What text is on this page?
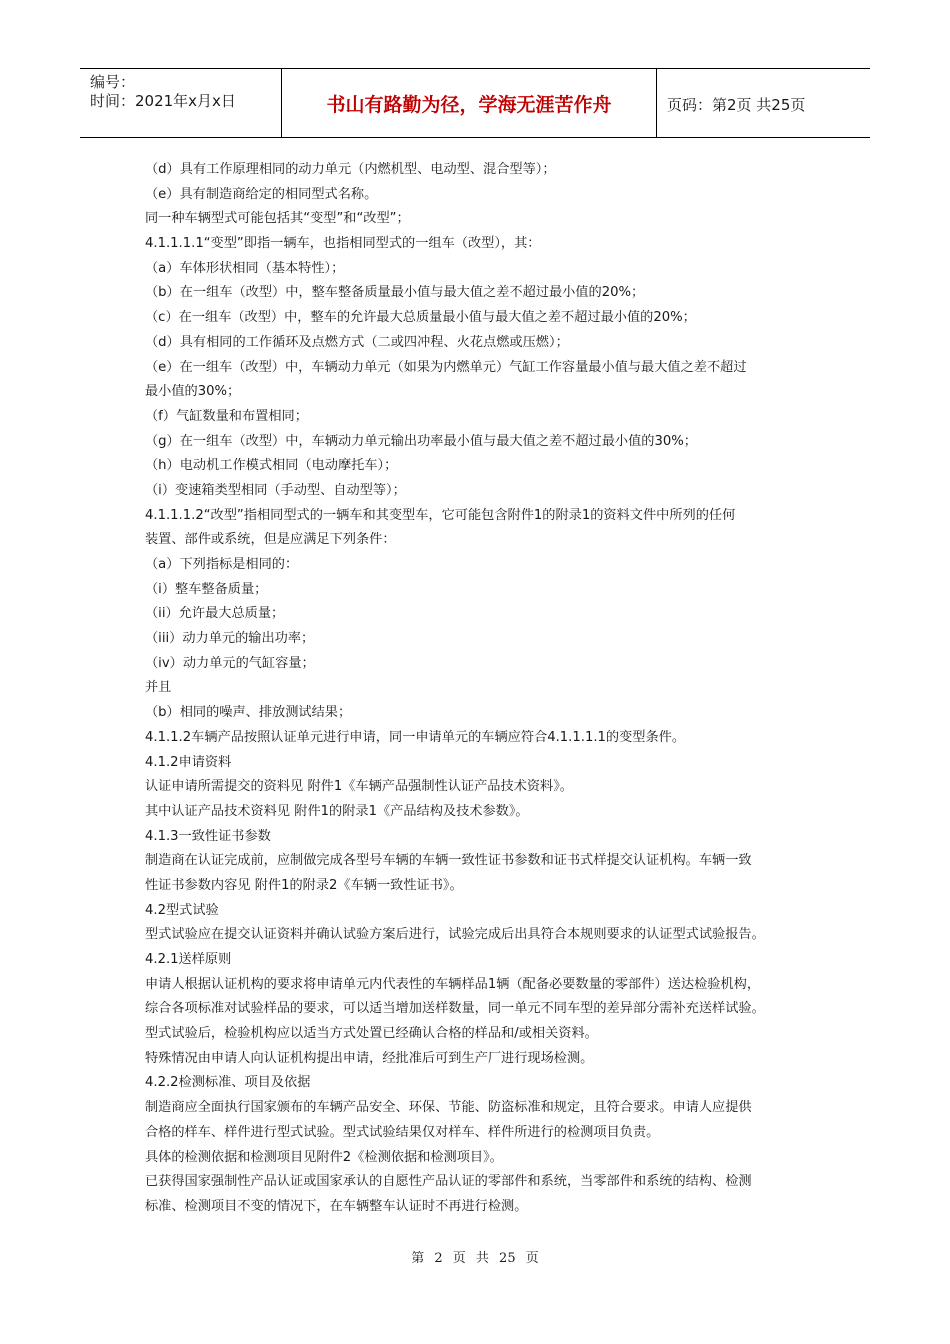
编号：
时间：2021年x月x日	书山有路勤为径，学海无涯苦作舟	页码：第2页 共25页
（d）具有工作原理相同的动力单元（内燃机型、电动型、混合型等）；
（e）具有制造商给定的相同型式名称。
同一种车辆型式可能包括其“变型”和“改型”；
4.1.1.1.1“变型”即指一辆车，也指相同型式的一组车（改型），其：
（a）车体形状相同（基本特性）；
（b）在一组车（改型）中，整车整备质量最小值与最大值之差不超过最小值的20%；
（c）在一组车（改型）中，整车的允许最大总质量最小值与最大值之差不超过最小值的20%；
（d）具有相同的工作循环及点燃方式（二或四冲程、火花点燃或压燃）；
（e）在一组车（改型）中，车辆动力单元（如果为内燃单元）气缸工作容量最小值与最大值之差不超过
最小值的30%；
（f）气缸数量和布置相同；
（g）在一组车（改型）中，车辆动力单元输出功率最小值与最大值之差不超过最小值的30%；
（h）电动机工作模式相同（电动摩托车）；
（i）变速箱类型相同（手动型、自动型等）；
4.1.1.1.2“改型”指相同型式的一辆车和其变型车，它可能包含附件1的附录1的资料文件中所列的任何
装置、部件或系统，但是应满足下列条件：
（a）下列指标是相同的：
（i）整车整备质量；
（ii）允许最大总质量；
（iii）动力单元的输出功率；
（iv）动力单元的气缸容量；
并且
（b）相同的噪声、排放测试结果；
4.1.1.2车辆产品按照认证单元进行申请，同一申请单元的车辆应符合4.1.1.1.1的变型条件。
4.1.2申请资料
认证申请所需提交的资料见 附件1《车辆产品强制性认证产品技术资料》。
其中认证产品技术资料见 附件1的附录1《产品结构及技术参数》。
4.1.3一致性证书参数
制造商在认证完成前，应制做完成各型号车辆的车辆一致性证书参数和证书式样提交认证机构。车辆一致
性证书参数内容见 附件1的附录2《车辆一致性证书》。
4.2型式试验
型式试验应在提交认证资料并确认试验方案后进行，试验完成后出具符合本规则要求的认证型式试验报告。
4.2.1送样原则
申请人根据认证机构的要求将申请单元内代表性的车辆样品1辆（配备必要数量的零部件）送达检验机构，
综合各项标准对试验样品的要求，可以适当增加送样数量，同一单元不同车型的差异部分需补充送样试验。
型式试验后，检验机构应以适当方式处置已经确认合格的样品和/或相关资料。
特殊情况由申请人向认证机构提出申请，经批准后可到生产厂进行现场检测。
4.2.2检测标准、项目及依据
制造商应全面执行国家颁布的车辆产品安全、环保、节能、防盗标准和规定，且符合要求。申请人应提供
合格的样车、样件进行型式试验。型式试验结果仅对样车、样件所进行的检测项目负责。
具体的检测依据和检测项目见附件2《检测依据和检测项目》。
已获得国家强制性产品认证或国家承认的自愿性产品认证的零部件和系统，当零部件和系统的结构、检测
标准、检测项目不变的情况下，在车辆整车认证时不再进行检测。
第 2 页 共 25 页
